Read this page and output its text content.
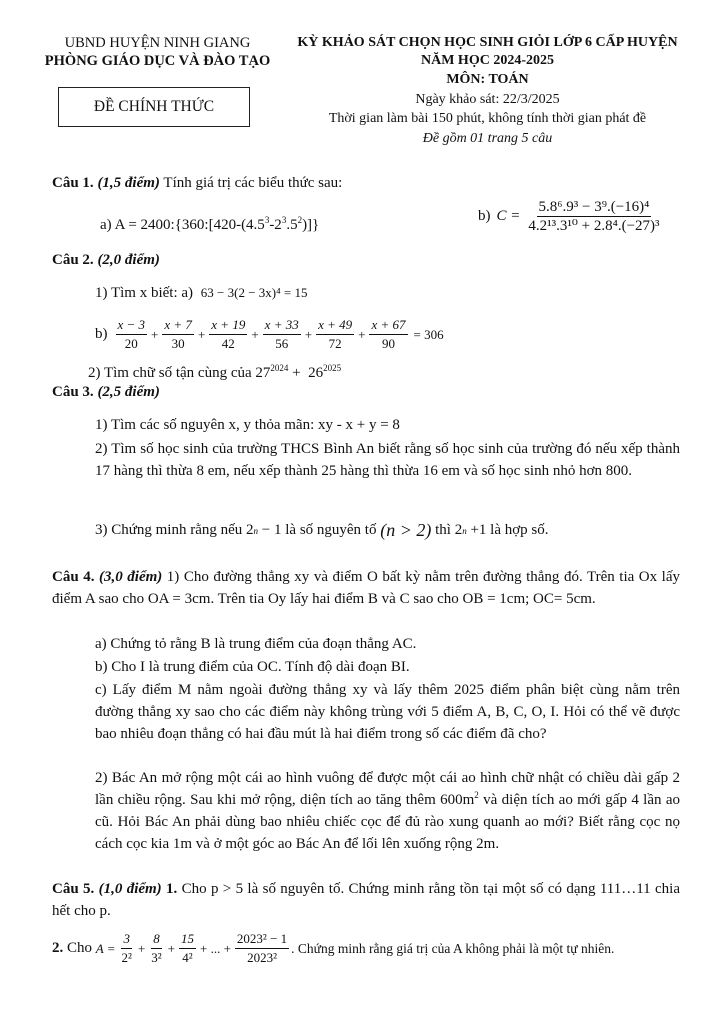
UBND HUYỆN NINH GIANG
PHÒNG GIÁO DỤC VÀ ĐÀO TẠO
ĐỀ CHÍNH THỨC
KỲ KHẢO SÁT CHỌN HỌC SINH GIỎI LỚP 6 CẤP HUYỆN
NĂM HỌC 2024-2025
MÔN: TOÁN
Ngày khảo sát: 22/3/2025
Thời gian làm bài 150 phút, không tính thời gian phát đề
Đề gồm 01 trang 5 câu
Câu 1. (1,5 điểm) Tính giá trị các biểu thức sau:
a) $A = 2400:\{360:[420-(4.5^3-2^3.5^2)]\}$
b) $C = \frac{\text{5.8⁶.9³ − 3⁹.(−16)⁴}}{\text{4.2¹³.3¹⁰ + 2.8⁴.(−27)³}}$
Câu 2. (2,0 điểm)
1) Tìm x biết: a) 63 − 3(2 − 3x)⁴ = 15
$b) \frac{x - 3}{20} + \frac{x + 7}{30} + \frac{x + 19}{42} + \frac{x + 33}{56} + \frac{x + 49}{72} + \frac{x + 67}{90} = 306$
2) Tìm chữ số tận cùng của $27^{2024} + 26^{2025}$
Câu 3. (2,5 điểm)
1) Tìm các số nguyên x, y thỏa mãn: xy - x + y = 8
2) Tìm số học sinh của trường THCS Bình An biết rằng số học sinh của trường đó nếu xếp thành 17 hàng thì thừa 8 em, nếu xếp thành 25 hàng thì thừa 16 em và số học sinh nhỏ hơn 800.
3) Chứng minh rằng nếu 2 n − 1 là số nguyên tố (n > 2) thì 2 n +1 là hợp số.
Câu 4. (3,0 điểm) 1) Cho đường thẳng xy và điểm O bất kỳ nằm trên đường thẳng đó. Trên tia Ox lấy điểm A sao cho OA = 3cm. Trên tia Oy lấy hai điểm B và C sao cho OB = 1cm; OC= 5cm.
a) Chứng tỏ rằng B là trung điểm của đoạn thẳng AC.
b) Cho I là trung điểm của OC. Tính độ dài đoạn BI.
c) Lấy điểm M nằm ngoài đường thẳng xy và lấy thêm 2025 điểm phân biệt cùng nằm trên đường thẳng xy sao cho các điểm này không trùng với 5 điểm A, B, C, O, I. Hỏi có thể vẽ được bao nhiêu đoạn thẳng có hai đầu mút là hai điểm trong số các điểm đã cho?
2) Bác An mở rộng một cái ao hình vuông để được một cái ao hình chữ nhật có chiều dài gấp 2 lần chiều rộng. Sau khi mở rộng, diện tích ao tăng thêm $600m^2$ và diện tích ao mới gấp 4 lần ao cũ. Hỏi Bác An phải dùng bao nhiêu chiếc cọc để đủ rào xung quanh ao mới? Biết rằng cọc nọ cách cọc kia 1m và ở một góc ao Bác An để lối lên xuống rộng 2m.
Câu 5. (1,0 điểm) 1. Cho p > 5 là số nguyên tố. Chứng minh rằng tồn tại một số có dạng 111…11 chia hết cho p.
2. Cho $A = \frac{3}{\text{2²}} + \frac{8}{\text{3²}} + \frac{15}{\text{4²}}$ + ... + $\frac{\text{2023² − 1}}{\text{2023²}}$ . Chứng minh rằng giá trị của A không phải là một tự nhiên.
